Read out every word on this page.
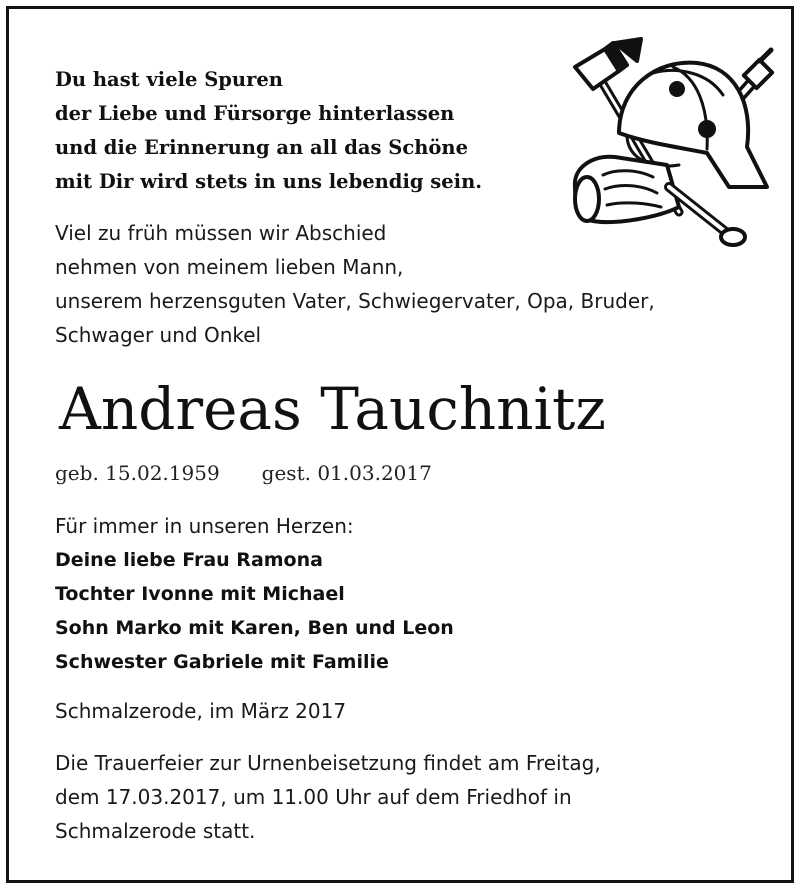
Du hast viele Spuren
der Liebe und Fürsorge hinterlassen
und die Erinnerung an all das Schöne
mit Dir wird stets in uns lebendig sein.
Viel zu früh müssen wir Abschied
nehmen von meinem lieben Mann,
unserem herzensguten Vater, Schwiegervater, Opa, Bruder,
Schwager und Onkel
Andreas Tauchnitz
geb. 15.02.1959 gest. 01.03.2017
Für immer in unseren Herzen:
Deine liebe Frau Ramona
Tochter Ivonne mit Michael
Sohn Marko mit Karen, Ben und Leon
Schwester Gabriele mit Familie
Schmalzerode, im März 2017
Die Trauerfeier zur Urnenbeisetzung findet am Freitag,
dem 17.03.2017, um 11.00 Uhr auf dem Friedhof in
Schmalzerode statt.
